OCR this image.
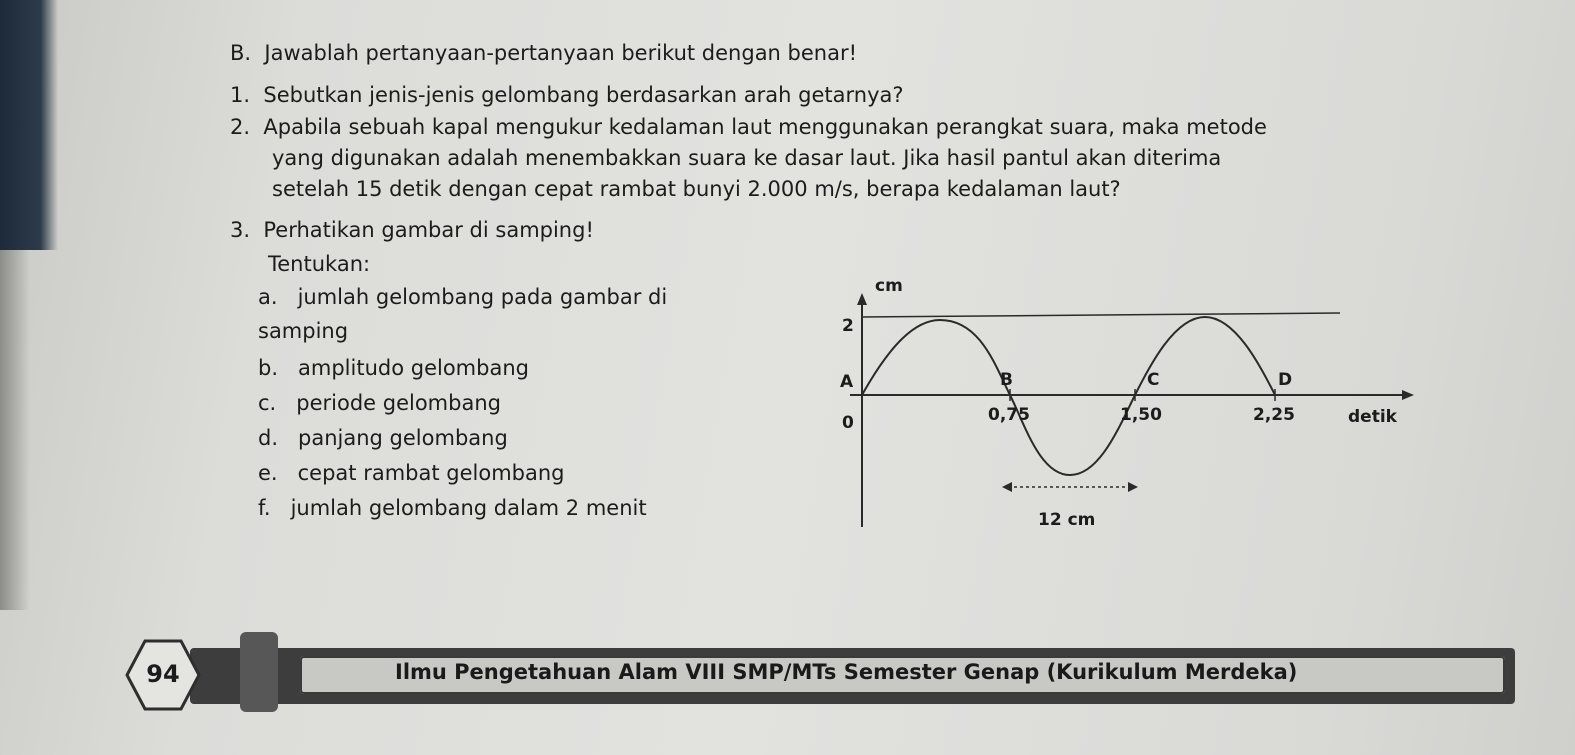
B.  Jawablah pertanyaan-pertanyaan berikut dengan benar!
1.  Sebutkan jenis-jenis gelombang berdasarkan arah getarnya?
2.  Apabila sebuah kapal mengukur kedalaman laut menggunakan perangkat suara, maka metode
yang digunakan adalah menembakkan suara ke dasar laut. Jika hasil pantul akan diterima
setelah 15 detik dengan cepat rambat bunyi 2.000 m/s, berapa kedalaman laut?
3.  Perhatikan gambar di samping!
Tentukan:
a.   jumlah gelombang pada gambar di
samping
b.   amplitudo gelombang
c.   periode gelombang
d.   panjang gelombang
e.   cepat rambat gelombang
f.   jumlah gelombang dalam 2 menit
cm
2
A
0
B	C	D
0,75	1,50	2,25	detik
12 cm
94	Ilmu Pengetahuan Alam VIII SMP/MTs Semester Genap (Kurikulum Merdeka)
